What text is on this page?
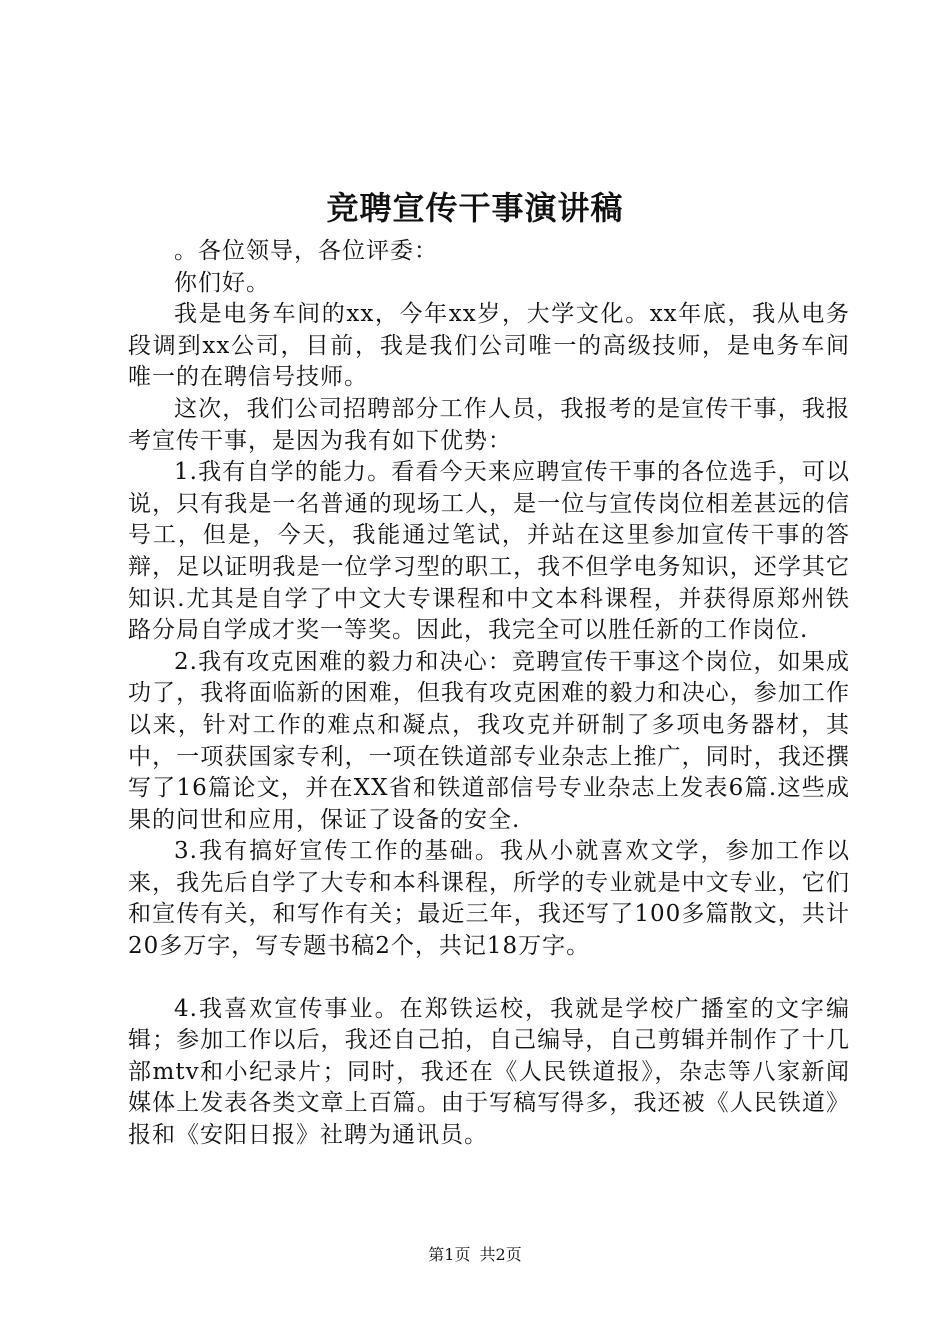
竞聘宣传干事演讲稿

。各位领导，各位评委：

你们好。

我是电务车间的xx，今年xx岁，大学文化。xx年底，我从电务段调到xx公司，目前，我是我们公司唯一的高级技师，是电务车间唯一的在聘信号技师。

这次，我们公司招聘部分工作人员，我报考的是宣传干事，我报考宣传干事，是因为我有如下优势：

1.我有自学的能力。看看今天来应聘宣传干事的各位选手，可以说，只有我是一名普通的现场工人，是一位与宣传岗位相差甚远的信号工，但是，今天，我能通过笔试，并站在这里参加宣传干事的答辩，足以证明我是一位学习型的职工，我不但学电务知识，还学其它知识.尤其是自学了中文大专课程和中文本科课程，并获得原郑州铁路分局自学成才奖一等奖。因此，我完全可以胜任新的工作岗位.

2.我有攻克困难的毅力和决心：竞聘宣传干事这个岗位，如果成功了，我将面临新的困难，但我有攻克困难的毅力和决心，参加工作以来，针对工作的难点和凝点，我攻克并研制了多项电务器材，其中，一项获国家专利，一项在铁道部专业杂志上推广，同时，我还撰写了16篇论文，并在XX省和铁道部信号专业杂志上发表6篇.这些成果的问世和应用，保证了设备的安全.

3.我有搞好宣传工作的基础。我从小就喜欢文学，参加工作以来，我先后自学了大专和本科课程，所学的专业就是中文专业，它们和宣传有关，和写作有关；最近三年，我还写了100多篇散文，共计20多万字，写专题书稿2个，共记18万字。

4.我喜欢宣传事业。在郑铁运校，我就是学校广播室的文字编辑；参加工作以后，我还自己拍，自己编导，自己剪辑并制作了十几部mtv和小纪录片；同时，我还在《人民铁道报》，杂志等八家新闻媒体上发表各类文章上百篇。由于写稿写得多，我还被《人民铁道》报和《安阳日报》社聘为通讯员。

第1页 共2页
